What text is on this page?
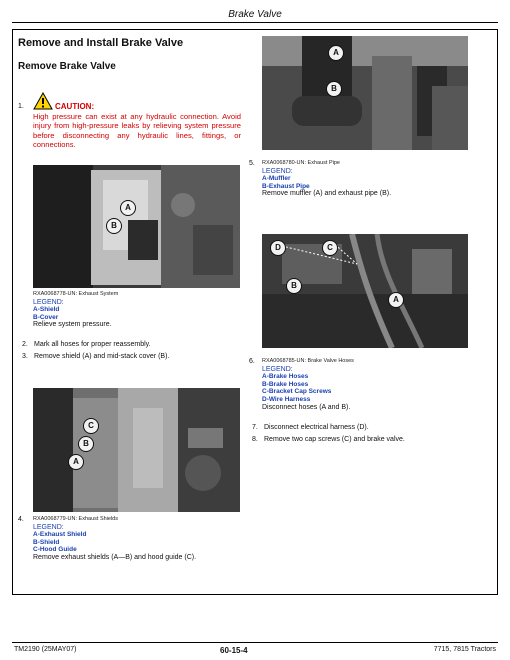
Brake Valve
Remove and Install Brake Valve
Remove Brake Valve
1.	CAUTION:
High pressure can exist at any hydraulic connection. Avoid injury from high-pressure leaks by relieving system pressure before disconnecting any hydraulic lines, fittings, or connections.
A
B
RXA0068778-UN: Exhaust System
LEGEND:
A-Shield
B-Cover
Relieve system pressure.
2. Mark all hoses for proper reassembly.
3. Remove shield (A) and mid-stack cover (B).
C
B
A
4. RXA0068779-UN: Exhaust Shields
LEGEND:
A-Exhaust Shield
B-Shield
C-Hood Guide
Remove exhaust shields (A—B) and hood guide (C).
A
B
5. RXA0068780-UN: Exhaust Pipe
LEGEND:
A-Muffler
B-Exhaust Pipe
Remove muffler (A) and exhaust pipe (B).
D	C
B
A
6. RXA0068785-UN: Brake Valve Hoses
LEGEND:
A-Brake Hoses
B-Brake Hoses
C-Bracket Cap Screws
D-Wire Harness
Disconnect hoses (A and B).
7. Disconnect electrical harness (D).
8. Remove two cap screws (C) and brake valve.
TM2190 (25MAY07)	60-15-4	7715, 7815 Tractors
